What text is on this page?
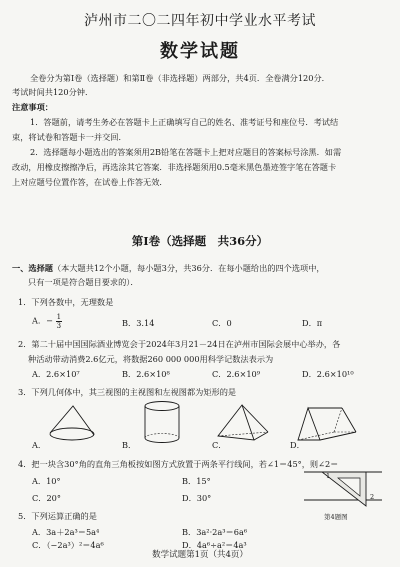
泸州市二〇二四年初中学业水平考试
数学试题
全卷分为第Ⅰ卷（选择题）和第Ⅱ卷（非选择题）两部分，共4页．全卷满分120分．
考试时间共120分钟．
注意事项：
1．答题前，请考生务必在答题卡上正确填写自己的姓名、准考证号和座位号．考试结
束，将试卷和答题卡一并交回．
2．选择题每小题选出的答案须用2B铅笔在答题卡上把对应题目的答案标号涂黑．如需
改动，用橡皮擦擦净后，再选涂其它答案．非选择题须用0.5毫米黑色墨迹签字笔在答题卡
上对应题号位置作答，在试卷上作答无效．
第Ⅰ卷（选择题　共36分）
一、选择题（本大题共12个小题，每小题3分，共36分．在每小题给出的四个选项中，
只有一项是符合题目要求的）．
1．下列各数中，无理数是
A．− $\frac{1}{3}$	B．3.14	C．0	D．π
2．第二十届中国国际酒业博览会于2024年3月21－24日在泸州市国际会展中心举办，各
种活动带动消费2.6亿元，将数据260 000 000用科学记数法表示为
A．2.6×10⁷	B．2.6×10⁸	C．2.6×10⁹	D．2.6×10¹⁰
3．下列几何体中，其三视图的主视图和左视图都为矩形的是
A．	B．	C．	D．
4．把一块含30°角的直角三角板按如图方式放置于两条平行线间，若∠1＝45°，则∠2＝
A．10°	B．15°
C．20°	D．30°
1
2
第4题图
5．下列运算正确的是
A．3a＋2a³＝5a⁴	B．3a²·2a³＝6a⁶
C．（−2a³）²＝4a⁶	D．4a⁶÷a²＝4a³
数学试题第1页（共4页）
